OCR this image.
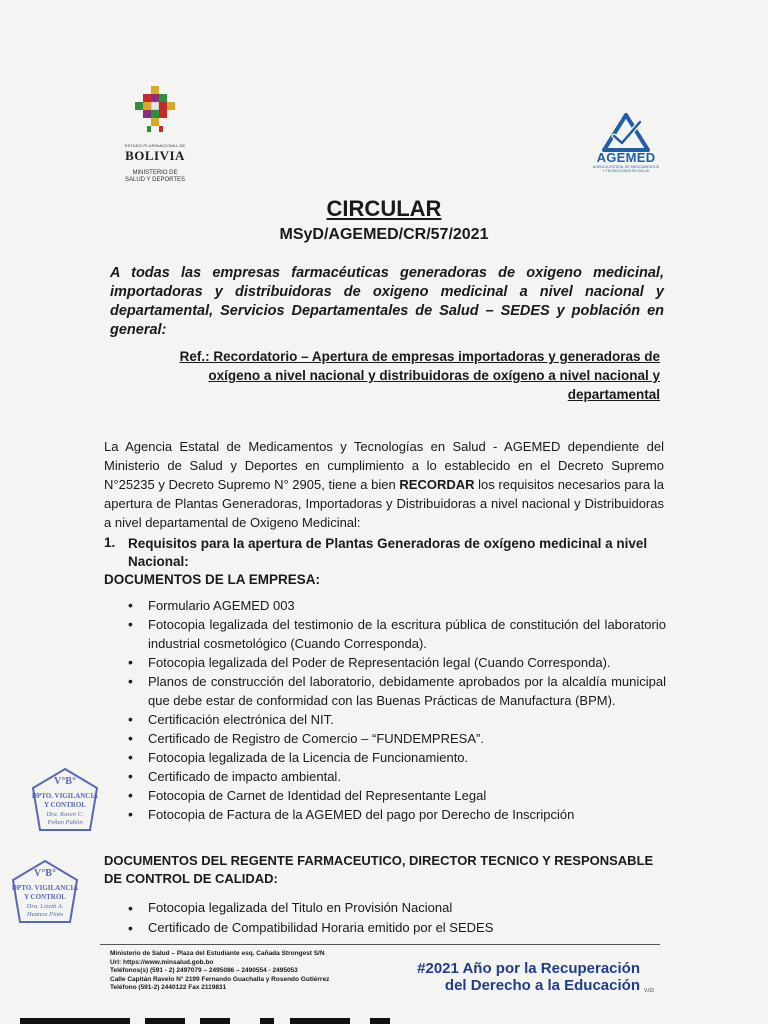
ESTADO PLURINACIONAL DE
BOLIVIA
MINISTERIO DE
SALUD Y DEPORTES
AGEMED
AGENCIA ESTATAL DE MEDICAMENTOS
Y TECNOLOGÍAS EN SALUD
CIRCULAR
MSyD/AGEMED/CR/57/2021
A todas las empresas farmacéuticas generadoras de oxigeno medicinal, importadoras y distribuidoras de oxigeno medicinal a nivel nacional y departamental, Servicios Departamentales de Salud – SEDES y población en general:
Ref.: Recordatorio – Apertura de empresas importadoras y generadoras de oxígeno a nivel nacional y distribuidoras de oxígeno a nivel nacional y departamental
La Agencia Estatal de Medicamentos y Tecnologías en Salud - AGEMED dependiente del Ministerio de Salud y Deportes en cumplimiento a lo establecido en el Decreto Supremo N°25235 y Decreto Supremo N° 2905, tiene a bien RECORDAR los requisitos necesarios para la apertura de Plantas Generadoras, Importadoras y Distribuidoras a nivel nacional y Distribuidoras a nivel departamental de Oxigeno Medicinal:
1. Requisitos para la apertura de Plantas Generadoras de oxígeno medicinal a nivel Nacional:
DOCUMENTOS DE LA EMPRESA:
• Formulario AGEMED 003
• Fotocopia legalizada del testimonio de la escritura pública de constitución del laboratorio industrial cosmetológico (Cuando Corresponda).
• Fotocopia legalizada del Poder de Representación legal (Cuando Corresponda).
• Planos de construcción del laboratorio, debidamente aprobados por la alcaldía municipal que debe estar de conformidad con las Buenas Prácticas de Manufactura (BPM).
• Certificación electrónica del NIT.
• Certificado de Registro de Comercio – “FUNDEMPRESA”.
• Fotocopia legalizada de la Licencia de Funcionamiento.
• Certificado de impacto ambiental.
• Fotocopia de Carnet de Identidad del Representante Legal
• Fotocopia de Factura de la AGEMED del pago por Derecho de Inscripción
DOCUMENTOS DEL REGENTE FARMACEUTICO, DIRECTOR TECNICO Y RESPONSABLE DE CONTROL DE CALIDAD:
• Fotocopia legalizada del Titulo en Provisión Nacional
• Certificado de Compatibilidad Horaria emitido por el SEDES
V°B°
DPTO. VIGILANCIA
Y CONTROL
Dra. Karen C.
Peñan Pabón
V°B°
DPTO. VIGILANCIA
Y CONTROL
Dra. Lizeth A.
Huanca Pinto
Ministerio de Salud – Plaza del Estudiante esq. Cañada Strongest S/N
Url: https://www.minsalud.gob.bo
Teléfonos(s) (591 - 2) 2497079 – 2495086 – 2490554 - 2495053
Calle Capitán Ravelo N° 2199 Fernando Guachalla y Rosendo Gutiérrez
Teléfono (591-2) 2440122 Fax 2119831
#2021 Año por la Recuperación
del Derecho a la Educación V.03
